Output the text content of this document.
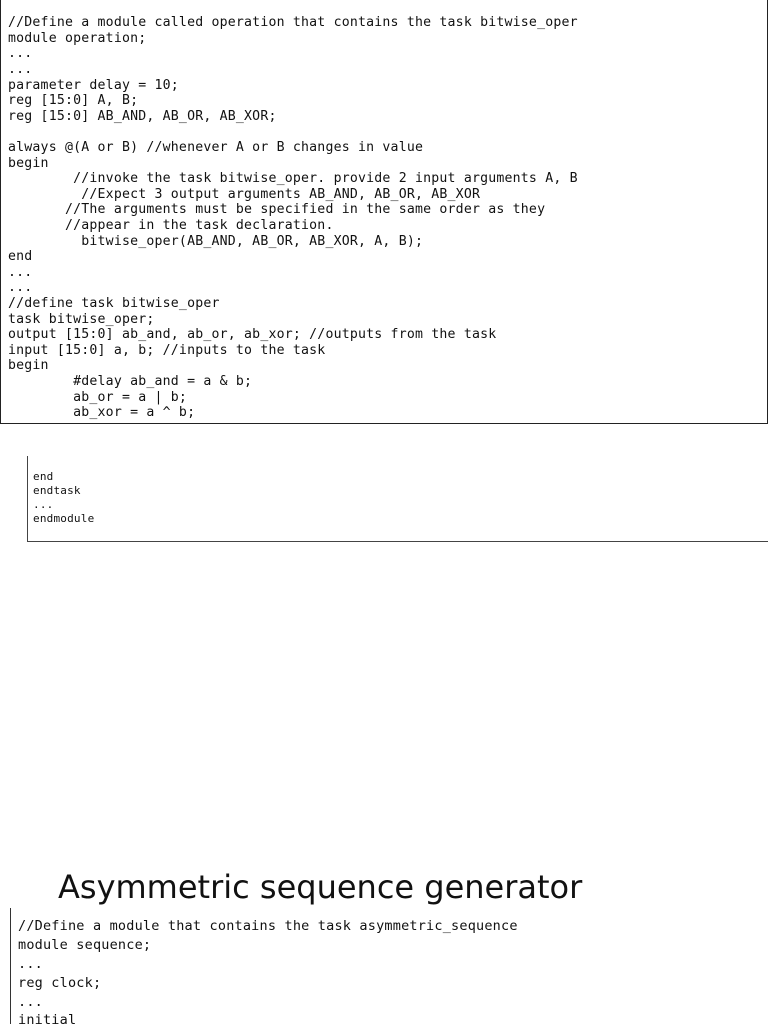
//Define a module called operation that contains the task bitwise_oper
module operation;
...
...
parameter delay = 10;
reg [15:0] A, B;
reg [15:0] AB_AND, AB_OR, AB_XOR;
always @(A or B) //whenever A or B changes in value
begin
//invoke the task bitwise_oper. provide 2 input arguments A, B
//Expect 3 output arguments AB_AND, AB_OR, AB_XOR
//The arguments must be specified in the same order as they
//appear in the task declaration.
bitwise_oper(AB_AND, AB_OR, AB_XOR, A, B);
end
...
...
//define task bitwise_oper
task bitwise_oper;
output [15:0] ab_and, ab_or, ab_xor; //outputs from the task
input [15:0] a, b; //inputs to the task
begin
#delay ab_and = a & b;
ab_or = a | b;
ab_xor = a ^ b;
end
endtask
...
endmodule
Asymmetric sequence generator
//Define a module that contains the task asymmetric_sequence
module sequence;
...
reg clock;
...
initial
